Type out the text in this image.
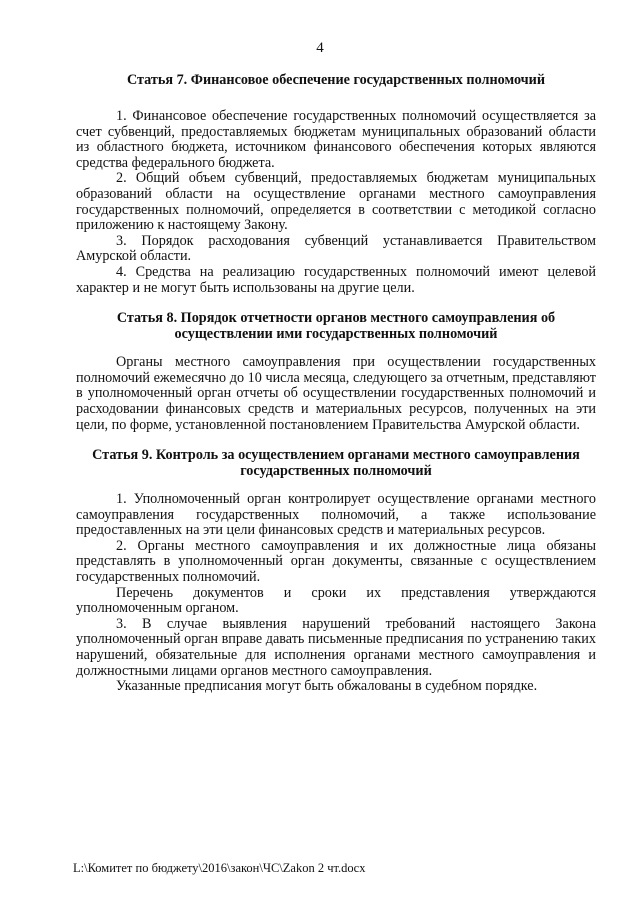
4

Статья 7. Финансовое обеспечение государственных полномочий

1. Финансовое обеспечение государственных полномочий осуществляется за счет субвенций, предоставляемых бюджетам муниципальных образований области из областного бюджета, источником финансового обеспечения которых являются средства федерального бюджета.

2. Общий объем субвенций, предоставляемых бюджетам муниципальных образований области на осуществление органами местного самоуправления государственных полномочий, определяется в соответствии с методикой согласно приложению к настоящему Закону.

3. Порядок расходования субвенций устанавливается Правительством Амурской области.

4. Средства на реализацию государственных полномочий имеют целевой характер и не могут быть использованы на другие цели.

Статья 8. Порядок отчетности органов местного самоуправления об осуществлении ими государственных полномочий

Органы местного самоуправления при осуществлении государственных полномочий ежемесячно до 10 числа месяца, следующего за отчетным, представляют в уполномоченный орган отчеты об осуществлении государственных полномочий и расходовании финансовых средств и материальных ресурсов, полученных на эти цели, по форме, установленной постановлением Правительства Амурской области.

Статья 9. Контроль за осуществлением органами местного самоуправления государственных полномочий

1. Уполномоченный орган контролирует осуществление органами местного самоуправления государственных полномочий, а также использование предоставленных на эти цели финансовых средств и материальных ресурсов.

2. Органы местного самоуправления и их должностные лица обязаны представлять в уполномоченный орган документы, связанные с осуществлением государственных полномочий.

Перечень документов и сроки их представления утверждаются уполномоченным органом.

3. В случае выявления нарушений требований настоящего Закона уполномоченный орган вправе давать письменные предписания по устранению таких нарушений, обязательные для исполнения органами местного самоуправления и должностными лицами органов местного самоуправления.

Указанные предписания могут быть обжалованы в судебном порядке.

L:\Комитет по бюджету\2016\закон\ЧС\Zakon 2 чт.docx
